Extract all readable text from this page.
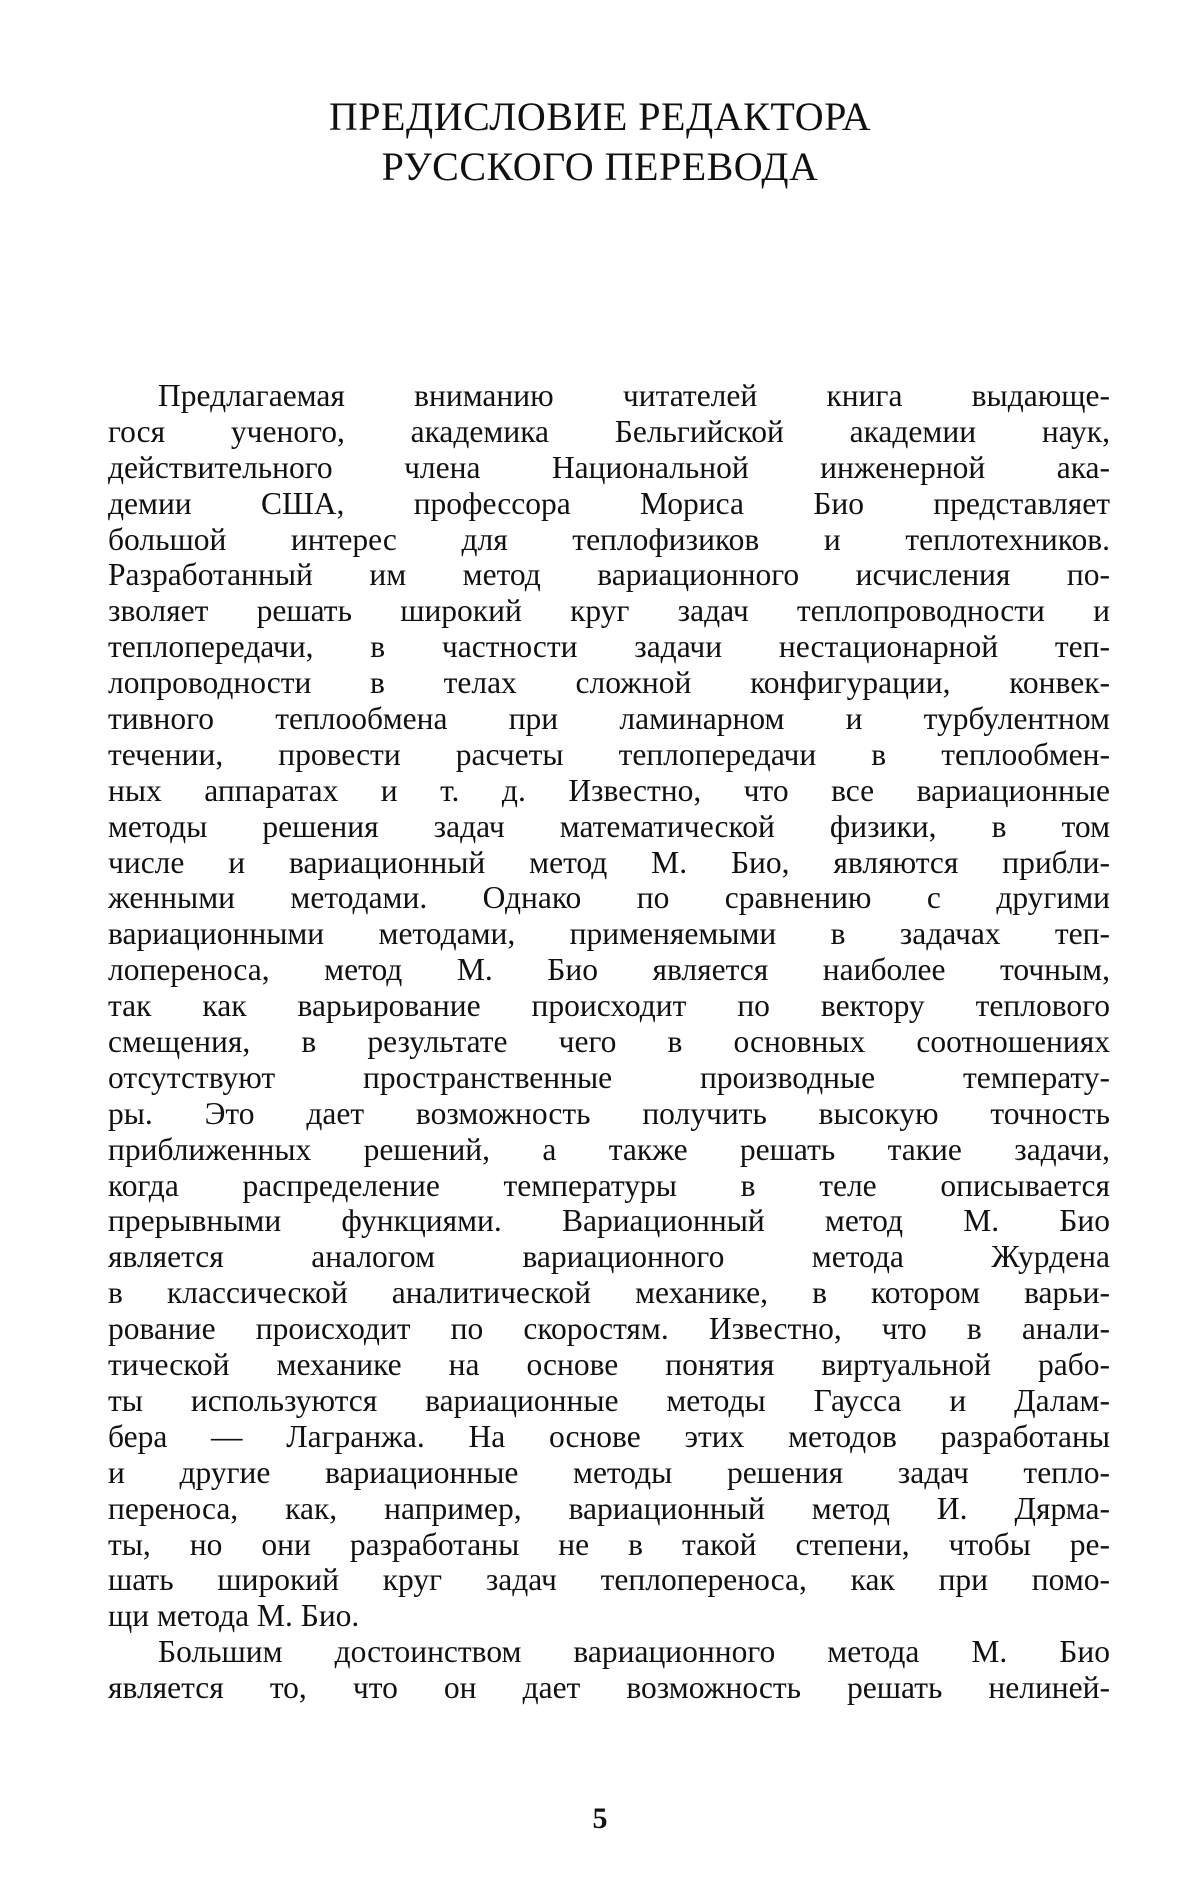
ПРЕДИСЛОВИЕ РЕДАКТОРА
РУССКОГО ПЕРЕВОДА
Предлагаемая вниманию читателей книга выдающе-
гося ученого, академика Бельгийской академии наук,
действительного члена Национальной инженерной ака-
демии США, профессора Мориса Био представляет
большой интерес для теплофизиков и теплотехников.
Разработанный им метод вариационного исчисления по-
зволяет решать широкий круг задач теплопроводности и
теплопередачи, в частности задачи нестационарной теп-
лопроводности в телах сложной конфигурации, конвек-
тивного теплообмена при ламинарном и турбулентном
течении, провести расчеты теплопередачи в теплообмен-
ных аппаратах и т. д. Известно, что все вариационные
методы решения задач математической физики, в том
числе и вариационный метод М. Био, являются прибли-
женными методами. Однако по сравнению с другими
вариационными методами, применяемыми в задачах теп-
лопереноса, метод М. Био является наиболее точным,
так как варьирование происходит по вектору теплового
смещения, в результате чего в основных соотношениях
отсутствуют пространственные производные температу-
ры. Это дает возможность получить высокую точность
приближенных решений, а также решать такие задачи,
когда распределение температуры в теле описывается
прерывными функциями. Вариационный метод М. Био
является аналогом вариационного метода Журдена
в классической аналитической механике, в котором варьи-
рование происходит по скоростям. Известно, что в анали-
тической механике на основе понятия виртуальной рабо-
ты используются вариационные методы Гаусса и Далам-
бера — Лагранжа. На основе этих методов разработаны
и другие вариационные методы решения задач тепло-
переноса, как, например, вариационный метод И. Дярма-
ты, но они разработаны не в такой степени, чтобы ре-
шать широкий круг задач теплопереноса, как при помо-
щи метода М. Био.
Большим достоинством вариационного метода М. Био
является то, что он дает возможность решать нелиней-
5
